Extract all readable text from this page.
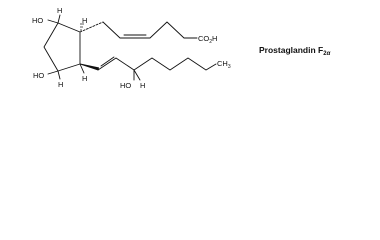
HO
H
H
HO
H
H
HO H
$CO_2H$
$CH_3$
Prostaglandin $F_{2\alpha}$
